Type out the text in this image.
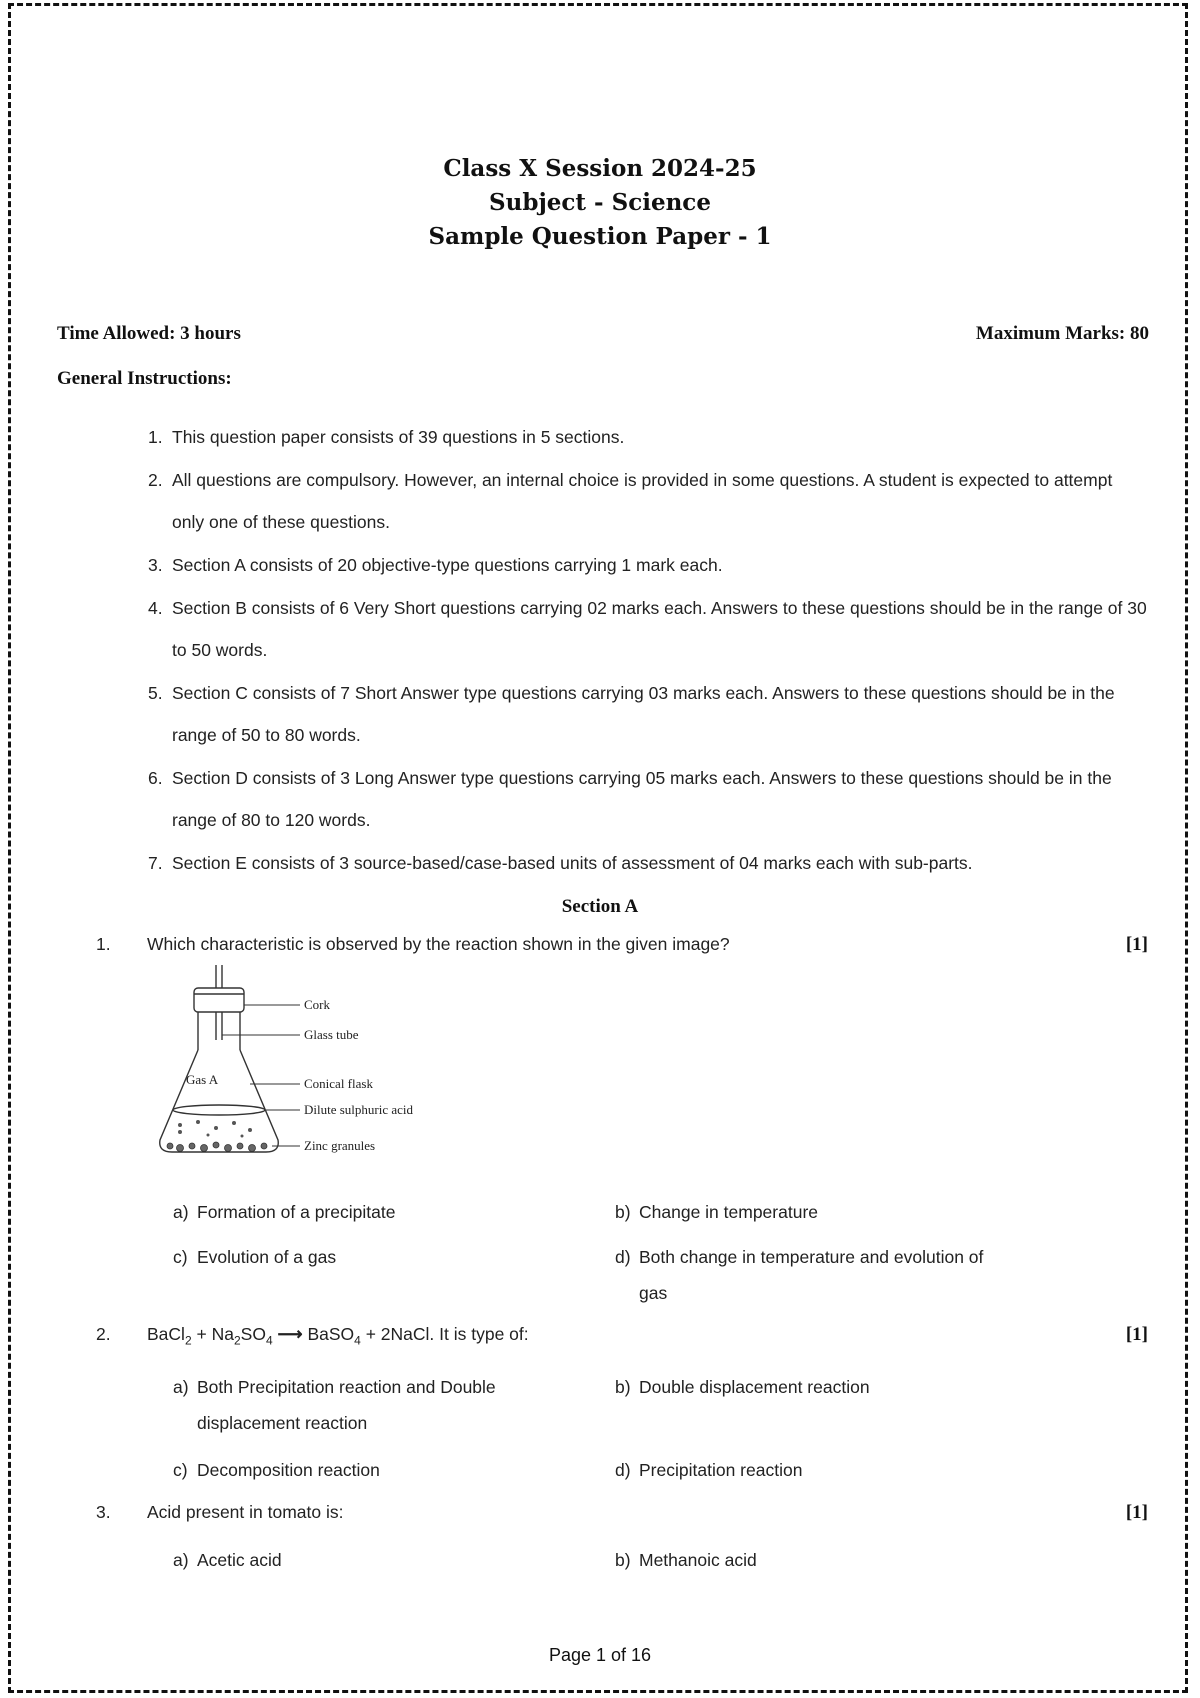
Class X Session 2024-25
Subject - Science
Sample Question Paper - 1
Time Allowed: 3 hours	Maximum Marks: 80
General Instructions:
1. This question paper consists of 39 questions in 5 sections.
2. All questions are compulsory. However, an internal choice is provided in some questions. A student is expected to attempt only one of these questions.
3. Section A consists of 20 objective-type questions carrying 1 mark each.
4. Section B consists of 6 Very Short questions carrying 02 marks each. Answers to these questions should be in the range of 30 to 50 words.
5. Section C consists of 7 Short Answer type questions carrying 03 marks each. Answers to these questions should be in the range of 50 to 80 words.
6. Section D consists of 3 Long Answer type questions carrying 05 marks each. Answers to these questions should be in the range of 80 to 120 words.
7. Section E consists of 3 source-based/case-based units of assessment of 04 marks each with sub-parts.
Section A
1. Which characteristic is observed by the reaction shown in the given image?	[1]
Cork
Glass tube
Gas A	Conical flask
Dilute sulphuric acid
Zinc granules
a) Formation of a precipitate	b) Change in temperature
c) Evolution of a gas	d) Both change in temperature and evolution of gas
2. BaCl$_2$ + $Na_2SO_4$ ⟶ BaSO$_4$ + 2NaCl. It is type of:	[1]
a) Both Precipitation reaction and Double displacement reaction
b) Double displacement reaction
c) Decomposition reaction	d) Precipitation reaction
3. Acid present in tomato is:	[1]
a) Acetic acid	b) Methanoic acid
Page 1 of 16
